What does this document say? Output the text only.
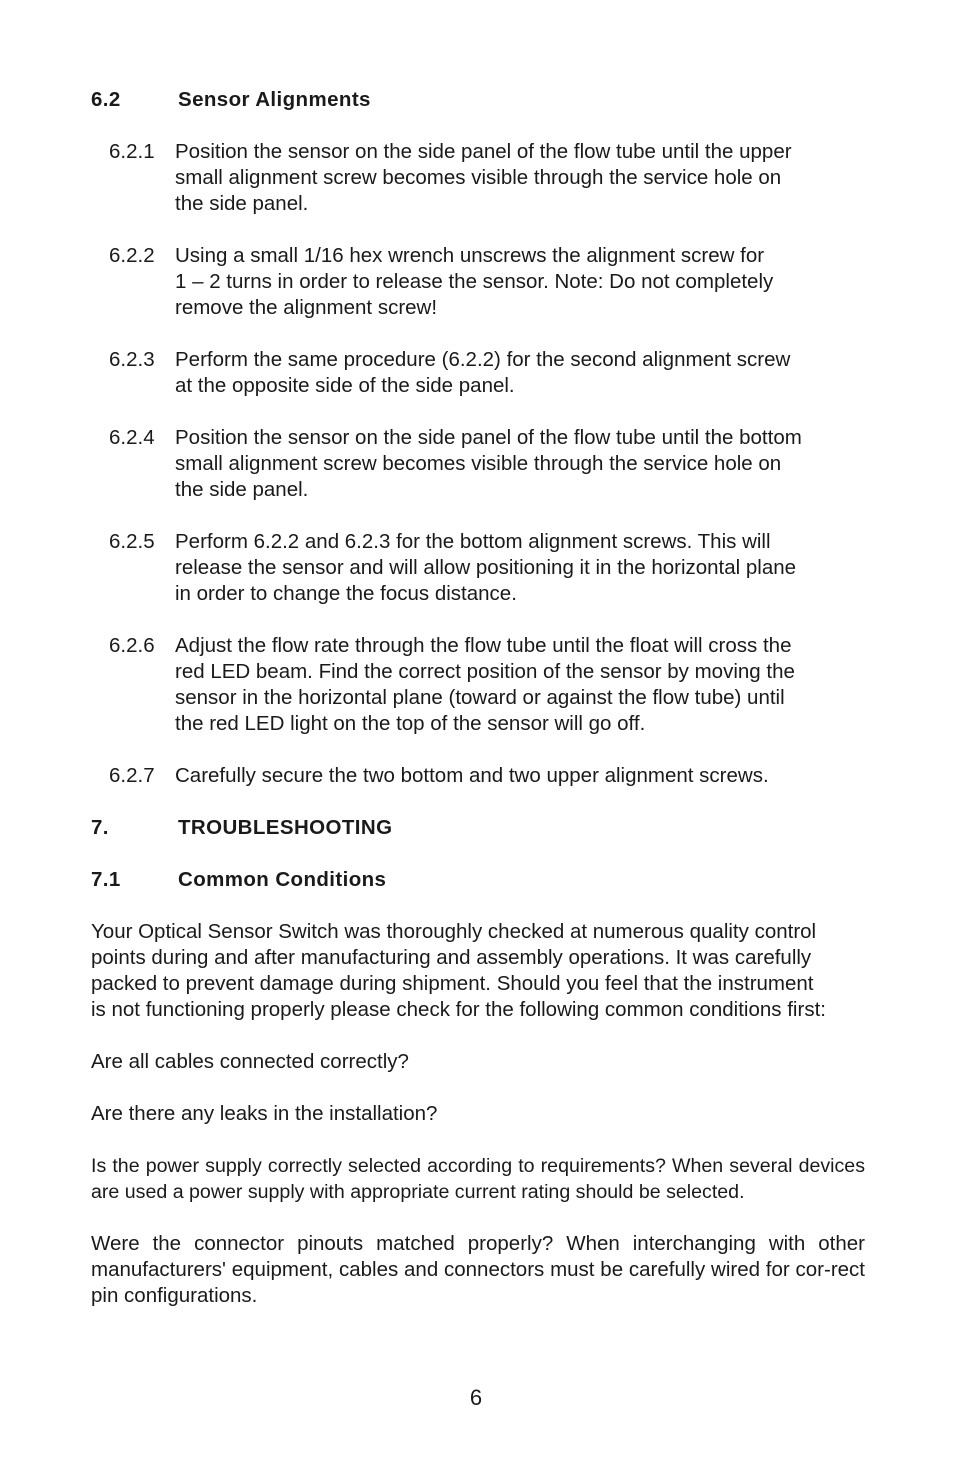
6.2	Sensor Alignments
6.2.1 Position the sensor on the side panel of the flow tube until the upper
small alignment screw becomes visible through the service hole on
the side panel.
6.2.2 Using a small 1/16 hex wrench unscrews the alignment screw for
1 – 2 turns in order to release the sensor. Note: Do not completely
remove the alignment screw!
6.2.3 Perform the same procedure (6.2.2) for the second alignment screw
at the opposite side of the side panel.
6.2.4 Position the sensor on the side panel of the flow tube until the bottom
small alignment screw becomes visible through the service hole on
the side panel.
6.2.5 Perform 6.2.2 and 6.2.3 for the bottom alignment screws. This will
release the sensor and will allow positioning it in the horizontal plane
in order to change the focus distance.
6.2.6 Adjust the flow rate through the flow tube until the float will cross the
red LED beam. Find the correct position of the sensor by moving the
sensor in the horizontal plane (toward or against the flow tube) until
the red LED light on the top of the sensor will go off.
6.2.7 Carefully secure the two bottom and two upper alignment screws.
7.	TROUBLESHOOTING
7.1	Common Conditions
Your Optical Sensor Switch was thoroughly checked at numerous quality control
points during and after manufacturing and assembly operations. It was carefully
packed to prevent damage during shipment. Should you feel that the instrument
is not functioning properly please check for the following common conditions first:
Are all cables connected correctly?
Are there any leaks in the installation?
Is the power supply correctly selected according to requirements? When several devices are used a power supply with appropriate current rating should be selected.
Were the connector pinouts matched properly? When interchanging with other manufacturers' equipment, cables and connectors must be carefully wired for cor-rect pin configurations.
6
